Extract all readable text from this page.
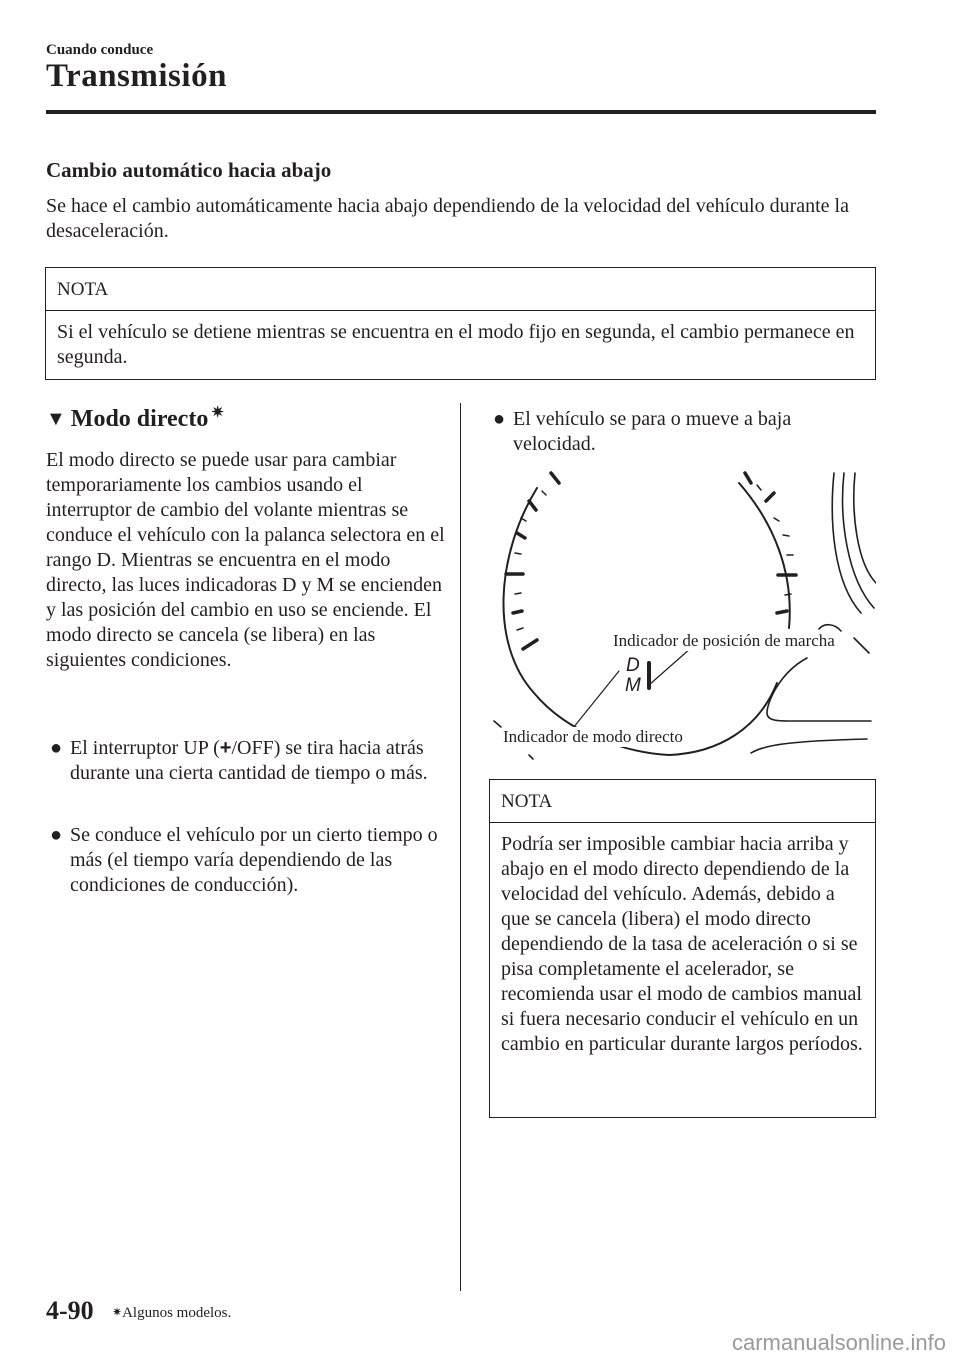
Cuando conduce
Transmisión
Cambio automático hacia abajo
Se hace el cambio automáticamente hacia abajo dependiendo de la velocidad del vehículo durante la desaceleración.
NOTA
Si el vehículo se detiene mientras se encuentra en el modo fijo en segunda, el cambio permanece en segunda.
▼ Modo directo ✷
El modo directo se puede usar para cambiar temporariamente los cambios usando el interruptor de cambio del volante mientras se conduce el vehículo con la palanca selectora en el rango D. Mientras se encuentra en el modo directo, las luces indicadoras D y M se encienden y las posición del cambio en uso se enciende. El modo directo se cancela (se libera) en las siguientes condiciones.
● El interruptor UP (+/OFF) se tira hacia atrás durante una cierta cantidad de tiempo o más.
● Se conduce el vehículo por un cierto tiempo o más (el tiempo varía dependiendo de las condiciones de conducción).
● El vehículo se para o mueve a baja velocidad.
D
M
Indicador de posición de marcha
Indicador de modo directo
NOTA
Podría ser imposible cambiar hacia arriba y abajo en el modo directo dependiendo de la velocidad del vehículo. Además, debido a que se cancela (libera) el modo directo dependiendo de la tasa de aceleración o si se pisa completamente el acelerador, se recomienda usar el modo de cambios manual si fuera necesario conducir el vehículo en un cambio en particular durante largos períodos.
4-90 ✷Algunos modelos.
carmanualsonline.info
